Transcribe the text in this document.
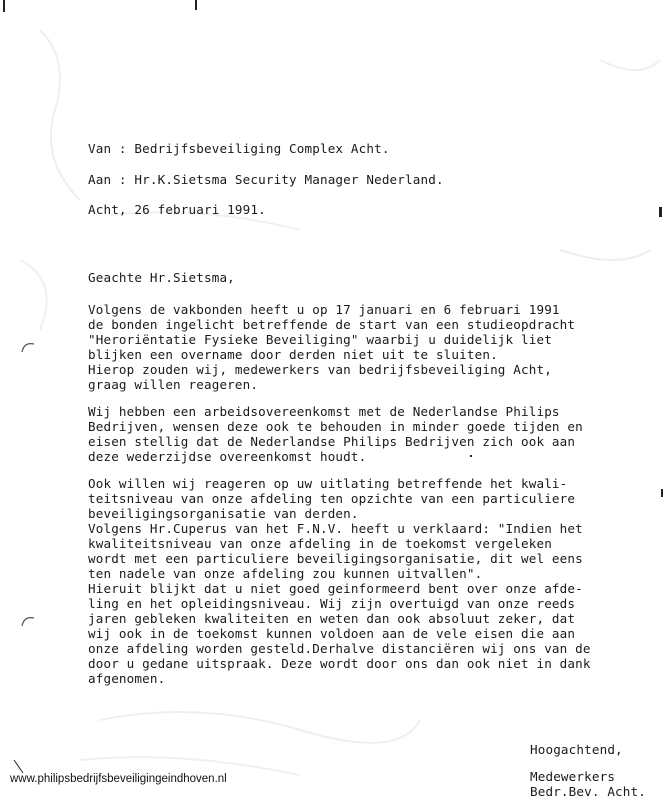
Van : Bedrijfsbeveiliging Complex Acht.
Aan : Hr.K.Sietsma Security Manager Nederland.
Acht, 26 februari 1991.
Geachte Hr.Sietsma,
Volgens de vakbonden heeft u op 17 januari en 6 februari 1991
de bonden ingelicht betreffende de start van een studieopdracht
"Heroriëntatie Fysieke Beveiliging" waarbij u duidelijk liet
blijken een overname door derden niet uit te sluiten.
Hierop zouden wij, medewerkers van bedrijfsbeveiliging Acht,
graag willen reageren.
Wij hebben een arbeidsovereenkomst met de Nederlandse Philips
Bedrijven, wensen deze ook te behouden in minder goede tijden en
eisen stellig dat de Nederlandse Philips Bedrijven zich ook aan
deze wederzijdse overeenkomst houdt.
Ook willen wij reageren op uw uitlating betreffende het kwali-
teitsniveau van onze afdeling ten opzichte van een particuliere
beveiligingsorganisatie van derden.
Volgens Hr.Cuperus van het F.N.V. heeft u verklaard: "Indien het
kwaliteitsniveau van onze afdeling in de toekomst vergeleken
wordt met een particuliere beveiligingsorganisatie, dit wel eens
ten nadele van onze afdeling zou kunnen uitvallen".
Hieruit blijkt dat u niet goed geinformeerd bent over onze afde-
ling en het opleidingsniveau. Wij zijn overtuigd van onze reeds
jaren gebleken kwaliteiten en weten dan ook absoluut zeker, dat
wij ook in de toekomst kunnen voldoen aan de vele eisen die aan
onze afdeling worden gesteld.Derhalve distanciëren wij ons van de
door u gedane uitspraak. Deze wordt door ons dan ook niet in dank
afgenomen.
Hoogachtend,
Medewerkers
Bedr.Bev. Acht.
www.philipsbedrijfsbeveiligingeindhoven.nl
